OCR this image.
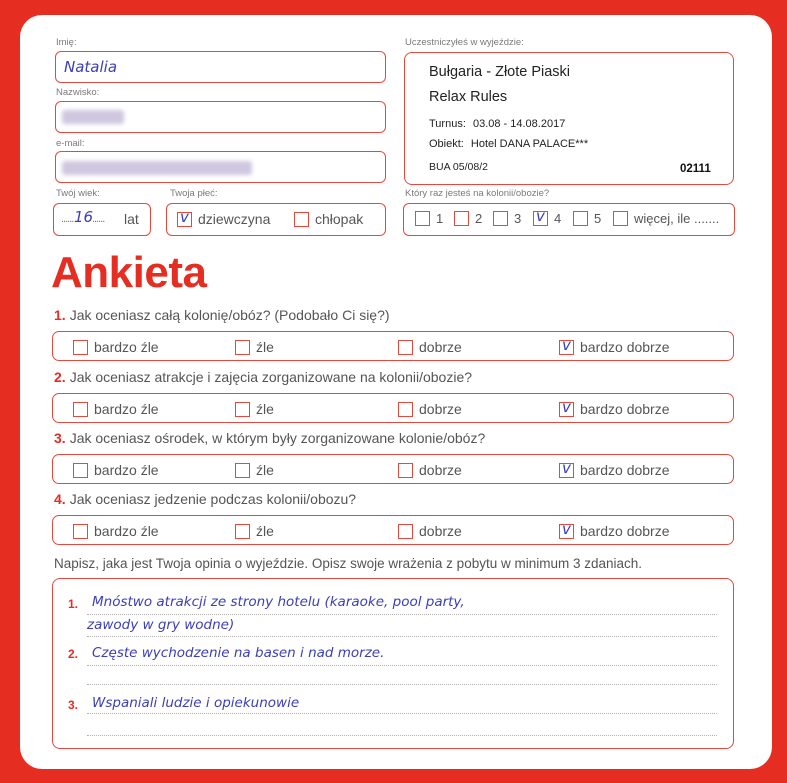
Imię:
Natalia
Nazwisko:
e-mail:
Twój wiek:
...... 16
...... lat
Twoja płeć:
v dziewczyna	chłopak
Uczestniczyłeś w wyjeździe:
Bułgaria - Złote Piaski
Relax Rules
Turnus: 03.08 - 14.08.2017
Obiekt: Hotel DANA PALACE***
BUA 05/08/2	02111
Który raz jesteś na kolonii/obozie?
1 2 3 v 4	5	więcej, ile .......
Ankieta
1. Jak oceniasz całą kolonię/obóz? (Podobało Ci się?)
bardzo źle	źle	dobrze	v bardzo dobrze
2. Jak oceniasz atrakcje i zajęcia zorganizowane na kolonii/obozie?
bardzo źle	źle	dobrze	v bardzo dobrze
3. Jak oceniasz ośrodek, w którym były zorganizowane kolonie/obóz?
bardzo źle	źle	dobrze	v bardzo dobrze
4. Jak oceniasz jedzenie podczas kolonii/obozu?
bardzo źle	źle	dobrze	v bardzo dobrze
Napisz, jaka jest Twoja opinia o wyjeździe. Opisz swoje wrażenia z pobytu w minimum 3 zdaniach.
1. Mnóstwo atrakcji ze strony hotelu (karaoke, pool party,
zawody w gry wodne)
2. Częste wychodzenie na basen i nad morze.
3. Wspaniali ludzie i opiekunowie
